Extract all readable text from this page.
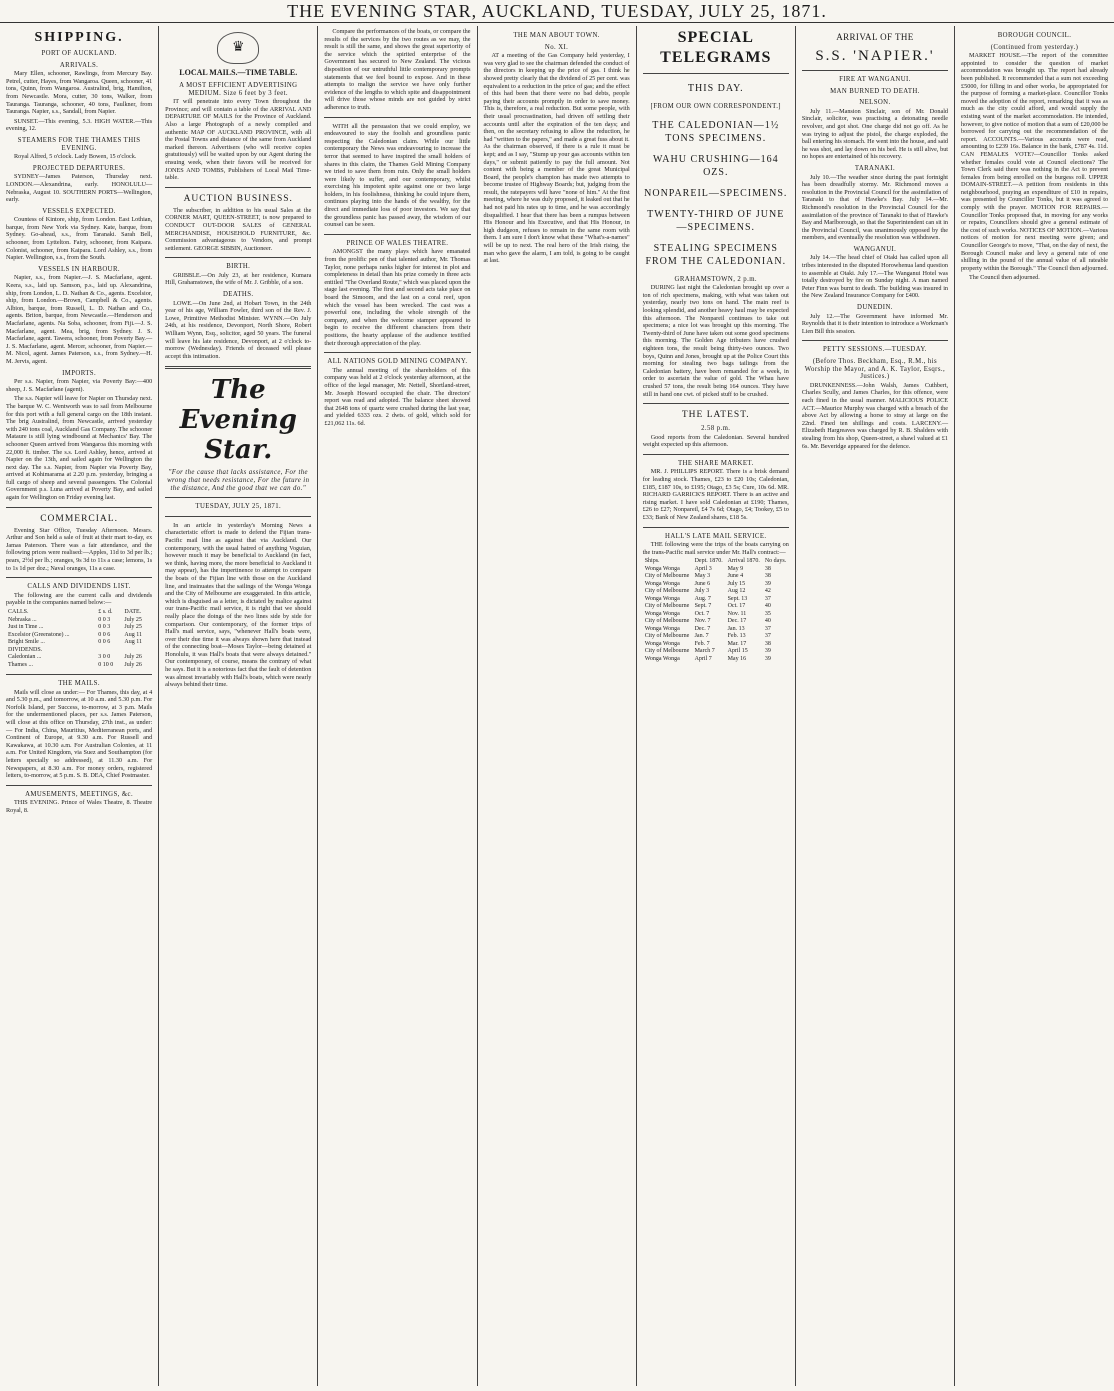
THE EVENING STAR, AUCKLAND, TUESDAY, JULY 25, 1871.
SHIPPING.
PORT OF AUCKLAND.
ARRIVALS.

Mary Ellen, schooner, Rawlings, from Mercury Bay. Petrel, cutter, Hayes, from Wangaroa. Queen, schooner, 41 tons, Quinn, from Wangaroa. Australind, brig, Hamilton, from Newcastle. Mora, cutter, 30 tons, Walker, from Tauranga. Tauranga, schooner, 40 tons, Faulkner, from Tauranga. Napier, s.s., Sandall, from Napier.

SUNSET.—This evening, 5.3. HIGH WATER.—This evening, 12.

STEAMERS FOR THE THAMES THIS EVENING.

Royal Alfred, 5 o'clock. Lady Bowen, 15 o'clock.

PROJECTED DEPARTURES.

SYDNEY—James Paterson, Thursday next. LONDON.—Alexandrina, early. HONOLULU—Nebraska, August 10. SOUTHERN PORTS—Wellington, early.

VESSELS EXPECTED.

Countess of Kintore, ship, from London. East Lothian, barque, from New York via Sydney. Kate, barque, from Sydney. Go-ahead, s.s., from Taranaki. Sarah Bell, schooner, from Lyttelton. Fairy, schooner, from Kaipara. Colonist, schooner, from Kaipara. Lord Ashley, s.s., from Napier. Wellington, s.s., from the South.

VESSELS IN HARBOUR.

Napier, s.s., from Napier.—J. S. Macfarlane, agent. Keera, s.s., laid up. Samson, p.s., laid up. Alexandrina, ship, from London, L. D. Nathan & Co., agents. Excelsior, ship, from London.—Brown, Campbell & Co., agents. Albion, barque, from Russell, L. D. Nathan and Co., agents. Briton, barque, from Newcastle.—Henderson and Macfarlane, agents. Na Soba, schooner, from Fiji.—J. S. Macfarlane, agent. Mea, brig, from Sydney. J. S. Macfarlane, agent. Tawera, schooner, from Poverty Bay.—J. S. Macfarlane, agent. Mercer, schooner, from Napier.—M. Nicol, agent. James Paterson, s.s., from Sydney.—H. M. Jervis, agent.

IMPORTS.

Per s.s. Napier, from Napier, via Poverty Bay:—400 sheep, J. S. Macfarlane (agent).

The s.s. Napier will leave for Napier on Thursday next. The barque W. C. Wentworth was to sail from Melbourne for this port with a full general cargo on the 18th instant. The brig Australind, from Newcastle, arrived yesterday with 240 tons coal, Auckland Gas Company. The schooner Mataure is still lying windbound at Mechanics' Bay. The schooner Queen arrived from Wangaroa this morning with 22,000 ft. timber. The s.s. Lord Ashley, hence, arrived at Napier on the 13th, and sailed again for Wellington the next day. The s.s. Napier, from Napier via Poverty Bay, arrived at Kohimarama at 2.20 p.m. yesterday, bringing a full cargo of sheep and several passengers. The Colonial Government p.s. Luna arrived at Poverty Bay, and sailed again for Wellington on Friday evening last.

COMMERCIAL.

Evening Star Office, Tuesday Afternoon. Messrs. Arthur and Son held a sale of fruit at their mart to-day, ex Jamas Paterson. There was a fair attendance, and the following prices were realised:—Apples, 11d to 3d per lb.; pears, 2½d per lb.; oranges, 9s 3d to 11s a case; lemons, 1s to 1s 1d per doz.; Naval oranges, 11s a case.

CALLS AND DIVIDENDS LIST.

The following are the current calls and dividends payable in the companies named below:—

CALLS.	£ s. d.	DATE.
Nebraska ...	0 0 3	July 25
Just in Time ...	0 0 3	July 25
Excelsior (Greenstone) ...	0 0 6	Aug 11
Bright Smile ...	0 0 6	Aug 11
DIVIDENDS.		
Caledonian ...	3 0 0	July 26
Thames ...	0 10 0	July 26
THE MAILS.

Mails will close as under:— For Thames, this day, at 4 and 5.30 p.m., and tomorrow, at 10 a.m. and 5.30 p.m. For Norfolk Island, per Success, to-morrow, at 3 p.m. Mails for the undermentioned places, per s.s. James Paterson, will close at this office on Thursday, 27th inst., as under:— For India, China, Mauritius, Mediterranean ports, and Continent of Europe, at 9.30 a.m. For Russell and Kawakawa, at 10.30 a.m. For Australian Colonies, at 11 a.m. For United Kingdom, via Suez and Southampton (for letters specially so addressed), at 11.30 a.m. For Newspapers, at 8.30 a.m. For money orders, registered letters, to-morrow, at 5 p.m. S. B. DEA, Chief Postmaster.

AMUSEMENTS, MEETINGS, &c.

THIS EVENING. Prince of Wales Theatre, 8. Theatre Royal, 8.

♛
LOCAL MAILS.—TIME TABLE.
A MOST EFFICIENT ADVERTISING MEDIUM. Size 6 feet by 3 feet.

IT will penetrate into every Town throughout the Province; and will contain a table of the ARRIVAL AND DEPARTURE OF MAILS for the Province of Auckland. Also a large Photograph of a newly compiled and authentic MAP OF AUCKLAND PROVINCE, with all the Postal Towns and distance of the same from Auckland marked thereon. Advertisers (who will receive copies gratuitously) will be waited upon by our Agent during the ensuing week, when their favors will be received for JONES AND TOMBS, Publishers of Local Mail Time-table.

AUCTION BUSINESS.

The subscriber, in addition to his usual Sales at the CORNER MART, QUEEN-STREET, is now prepared to CONDUCT OUT-DOOR SALES of GENERAL MERCHANDISE, HOUSEHOLD FURNITURE, &c. Commission advantageous to Vendors, and prompt settlement. GEORGE SIBBIN, Auctioneer.

BIRTH.

GRIBBLE.—On July 23, at her residence, Kumara Hill, Grahamstown, the wife of Mr. J. Gribble, of a son.

DEATHS.

LOWE.—On June 2nd, at Hobart Town, in the 24th year of his age, William Fowler, third son of the Rev. J. Lowe, Primitive Methodist Minister. WYNN.—On July 24th, at his residence, Devonport, North Shore, Robert William Wynn, Esq., solicitor, aged 50 years. The funeral will leave his late residence, Devonport, at 2 o'clock to-morrow (Wednesday). Friends of deceased will please accept this intimation.

The Evening Star.
"For the cause that lacks assistance, For the wrong that needs resistance, For the future in the distance, And the good that we can do."
TUESDAY, JULY 25, 1871.

In an article in yesterday's Morning News a characteristic effort is made to defend the Fijian trans-Pacific mail line as against that via Auckland. Our contemporary, with the usual hatred of anything Voguian, however much it may be beneficial to Auckland (in fact, we think, having more, the more beneficial to Auckland it may appear), has the impertinence to attempt to compare the boats of the Fijian line with those on the Auckland line, and insinuates that the sailings of the Wonga Wonga and the City of Melbourne are exaggerated. In this article, which is disguised as a letter, is dictated by malice against our trans-Pacific mail service, it is right that we should really place the doings of the two lines side by side for comparison. Our contemporary, of the former trips of Hall's mail service, says, "whenever Hall's boats were, over their due time it was always shown here that instead of the connecting boat—Moses Taylor—being detained at Honolulu, it was Hall's boats that were always detained." Our contemporary, of course, means the contrary of what he says. But it is a notorious fact that the fault of detention was almost invariably with Hall's boats, which were nearly always behind their time.

Compare the performances of the boats, or compare the results of the services by the two routes as we may, the result is still the same, and shows the great superiority of the service which the spirited enterprise of the Government has secured to New Zealand. The vicious disposition of our untruthful little contemporary prompts statements that we feel bound to expose. And in these attempts to malign the service we have only further evidence of the lengths to which spite and disappointment will drive those whose minds are not guided by strict adherence to truth.

WITH all the persuasion that we could employ, we endeavoured to stay the foolish and groundless panic respecting the Caledonian claim. While our little contemporary the News was endeavouring to increase the terror that seemed to have inspired the small holders of shares in this claim, the Thames Gold Mining Company we tried to save them from ruin. Only the small holders were likely to suffer, and our contemporary, whilst exercising his impotent spite against one or two large holders, in his foolishness, thinking he could injure them, continues playing into the hands of the wealthy, for the direct and immediate loss of poor investors. We say that the groundless panic has passed away, the wisdom of our counsel can be seen.

PRINCE OF WALES THEATRE.

AMONGST the many plays which have emanated from the prolific pen of that talented author, Mr. Thomas Taylor, none perhaps ranks higher for interest in plot and completeness in detail than his prize comedy in three acts entitled "The Overland Route," which was placed upon the stage last evening. The first and second acts take place on board the Simoom, and the last on a coral reef, upon which the vessel has been wrecked. The cast was a powerful one, including the whole strength of the company, and when the welcome stamper appeared to begin to receive the different characters from their positions, the hearty applause of the audience testified their thorough appreciation of the play.

ALL NATIONS GOLD MINING COMPANY.

The annual meeting of the shareholders of this company was held at 2 o'clock yesterday afternoon, at the office of the legal manager, Mr. Nettell, Shortland-street, Mr. Joseph Howard occupied the chair. The directors' report was read and adopted. The balance sheet showed that 2648 tons of quartz were crushed during the last year, and yielded 6333 ozs. 2 dwts. of gold, which sold for £21,062 11s. 6d.

THE MAN ABOUT TOWN.
No. XI.

AT a meeting of the Gas Company held yesterday, I was very glad to see the chairman defended the conduct of the directors in keeping up the price of gas. I think he showed pretty clearly that the dividend of 25 per cent. was equivalent to a reduction in the price of gas; and the effect of this had been that there were no bad debts, people paying their accounts promptly in order to save money. This is, therefore, a real reduction. But some people, with their usual procrastination, had driven off settling their accounts until after the expiration of the ten days; and then, on the secretary refusing to allow the reduction, he had "written to the papers," and made a great fuss about it. As the chairman observed, if there is a rule it must be kept; and as I say, "Stump up your gas accounts within ten days," or submit patiently to pay the full amount. Not content with being a member of the great Municipal Board, the people's champion has made two attempts to become trustee of Highway Boards; but, judging from the result, the ratepayers will have "none of him." At the first meeting, where he was duly proposed, it leaked out that he had not paid his rates up to time, and he was accordingly disqualified. I hear that there has been a rumpus between His Honour and his Executive, and that His Honour, in high dudgeon, refuses to remain in the same room with them. I am sure I don't know what these "What's-a-names" will be up to next. The real hero of the Irish rising, the man who gave the alarm, I am told, is going to be caught at last.

SPECIAL TELEGRAMS
THIS DAY.
[FROM OUR OWN CORRESPONDENT.]
THE CALEDONIAN—1½ TONS SPECIMENS.
WAHU CRUSHING—164 OZS.
NONPAREIL—SPECIMENS.
TWENTY-THIRD OF JUNE—SPECIMENS.
STEALING SPECIMENS FROM THE CALEDONIAN.
GRAHAMSTOWN, 2 p.m.

DURING last night the Caledonian brought up over a ton of rich specimens, making, with what was taken out yesterday, nearly two tons on hand. The main reef is looking splendid, and another heavy haul may be expected this afternoon. The Nonpareil continues to take out specimens; a nice lot was brought up this morning. The Twenty-third of June have taken out some good specimens this morning. The Golden Age tributers have crushed eighteen tons, the result being thirty-two ounces. Two boys, Quinn and Jones, brought up at the Police Court this morning for stealing two bags tailings from the Caledonian battery, have been remanded for a week, in order to ascertain the value of gold. The Whau have crushed 57 tons, the result being 164 ounces. They have still in hand one cwt. of picked stuff to be crushed.

THE LATEST.
2.58 p.m.

Good reports from the Caledonian. Several hundred weight expected up this afternoon.

THE SHARE MARKET.

MR. J. PHILLIPS REPORT. There is a brisk demand for leading stock. Thames, £23 to £20 10s; Caledonian, £185, £187 10s, to £195; Otago, £3 5s; Cure, 10s 6d. MR. RICHARD GARRICK'S REPORT. There is an active and rising market. I have sold Caledonian at £190; Thames, £26 to £27; Nonpareil, £4 7s 6d; Otago, £4; Tookey, £5 to £33; Bank of New Zealand shares, £18 5s.

HALL'S LATE MAIL SERVICE.

THE following were the trips of the boats carrying on the trans-Pacific mail service under Mr. Hall's contract:—

Ships.	Dept. 1870.	Arrival 1870.	No days.
Wonga Wonga	April 3	May 9	38
City of Melbourne	May 3	June 4	38
Wonga Wonga	June 6	July 15	39
City of Melbourne	July 3	Aug 12	42
Wonga Wonga	Aug. 7	Sept. 13	37
City of Melbourne	Sept. 7	Oct. 17	40
Wonga Wonga	Oct. 7	Nov. 11	35
City of Melbourne	Nov. 7	Dec. 17	40
Wonga Wonga	Dec. 7	Jan. 13	37
City of Melbourne	Jan. 7	Feb. 13	37
Wonga Wonga	Feb. 7	Mar. 17	38
City of Melbourne	March 7	April 15	39
Wonga Wonga	April 7	May 16	39
ARRIVAL OF THE
S.S. 'NAPIER.'
FIRE AT WANGANUI.
MAN BURNED TO DEATH.
NELSON.

July 11.—Mansion Sinclair, son of Mr. Donald Sinclair, solicitor, was practising a detonating needle revolver, and got shot. One charge did not go off. As he was trying to adjust the pistol, the charge exploded, the ball entering his stomach. He went into the house, and said he was shot, and lay down on his bed. He is still alive, but no hopes are entertained of his recovery.

TARANAKI.

July 10.—The weather since during the past fortnight has been dreadfully stormy. Mr. Richmond moves a resolution in the Provincial Council for the assimilation of Taranaki to that of Hawke's Bay. July 14.—Mr. Richmond's resolution in the Provincial Council for the assimilation of the province of Taranaki to that of Hawke's Bay and Marlborough, so that the Superintendent can sit in the Provincial Council, was unanimously opposed by the members, and eventually the resolution was withdrawn.

WANGANUI.

July 14.—The head chief of Otaki has called upon all tribes interested in the disputed Horowhenua land question to assemble at Otaki. July 17.—The Wanganui Hotel was totally destroyed by fire on Sunday night. A man named Peter Finn was burnt to death. The building was insured in the New Zealand Insurance Company for £400.

DUNEDIN.

July 12.—The Government have informed Mr. Reynolds that it is their intention to introduce a Workman's Lien Bill this session.

PETTY SESSIONS.—TUESDAY.
(Before Thos. Beckham, Esq., R.M., his Worship the Mayor, and A. K. Taylor, Esqrs., Justices.)

DRUNKENNESS.—John Walsh, James Cuthbert, Charles Scully, and James Charles, for this offence, were each fined in the usual manner. MALICIOUS POLICE ACT.—Maurice Murphy was charged with a breach of the above Act by allowing a horse to stray at large on the 22nd. Fined ten shillings and costs. LARCENY.—Elizabeth Hargreaves was charged by R. B. Shalders with stealing from his shop, Queen-street, a shawl valued at £1 6s. Mr. Beveridge appeared for the defence.

BOROUGH COUNCIL.
(Continued from yesterday.)

MARKET HOUSE.—The report of the committee appointed to consider the question of market accommodation was brought up. The report had already been published. It recommended that a sum not exceeding £5000, for filling in and other works, be appropriated for the purpose of forming a market-place. Councillor Tonks moved the adoption of the report, remarking that it was as much as the city could afford, and would supply the existing want of the market accommodation. He intended, however, to give notice of motion that a sum of £20,000 be borrowed for carrying out the recommendation of the report. ACCOUNTS.—Various accounts were read, amounting to £239 16s. Balance in the bank, £787 4s. 11d. CAN FEMALES VOTE?—Councillor Tonks asked whether females could vote at Council elections? The Town Clerk said there was nothing in the Act to prevent females from being enrolled on the burgess roll. UPPER DOMAIN-STREET.—A petition from residents in this neighbourhood, praying an expenditure of £10 in repairs, was presented by Councillor Tonks, but it was agreed to comply with the prayer. MOTION FOR REPAIRS.—Councillor Tonks proposed that, in moving for any works or repairs, Councillors should give a general estimate of the cost of such works. NOTICES OF MOTION.—Various notices of motion for next meeting were given; and Councillor George's to move, "That, on the day of next, the Borough Council make and levy a general rate of one shilling in the pound of the annual value of all rateable property within the Borough." The Council then adjourned.

The Council then adjourned.
